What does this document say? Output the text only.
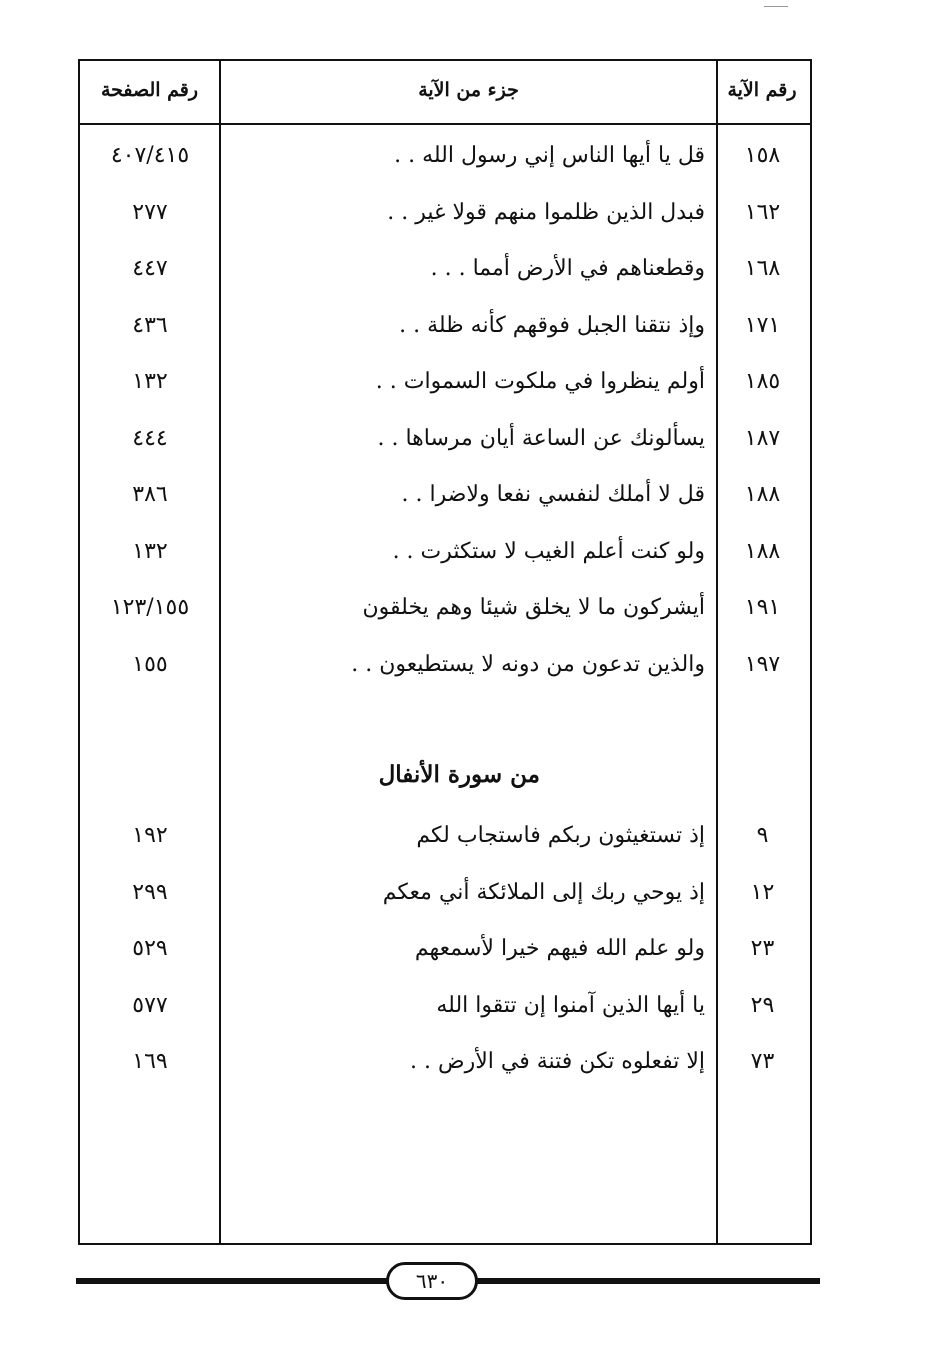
رقم الآية
جزء من الآية
رقم الصفحة
١٥٨
قل يا أيها الناس إني رسول الله . .
٤٠٧/٤١٥
١٦٢
فبدل الذين ظلموا منهم قولا غير . .
٢٧٧
١٦٨
وقطعناهم في الأرض أمما . . .
٤٤٧
١٧١
وإذ نتقنا الجبل فوقهم كأنه ظلة . .
٤٣٦
١٨٥
أولم ينظروا في ملكوت السموات . .
١٣٢
١٨٧
يسألونك عن الساعة أيان مرساها . .
٤٤٤
١٨٨
قل لا أملك لنفسي نفعا ولاضرا . .
٣٨٦
١٨٨
ولو كنت أعلم الغيب لا ستكثرت . .
١٣٢
١٩١
أيشركون ما لا يخلق شيئا وهم يخلقون
١٢٣/١٥٥
١٩٧
والذين تدعون من دونه لا يستطيعون . .
١٥٥
من سورة الأنفال
٩
إذ تستغيثون ربكم فاستجاب لكم
١٩٢
١٢
إذ يوحي ربك إلى الملائكة أني معكم
٢٩٩
٢٣
ولو علم الله فيهم خيرا لأسمعهم
٥٢٩
٢٩
يا أيها الذين آمنوا إن تتقوا الله
٥٧٧
٧٣
إلا تفعلوه تكن فتنة في الأرض . .
١٦٩
٦٣٠
